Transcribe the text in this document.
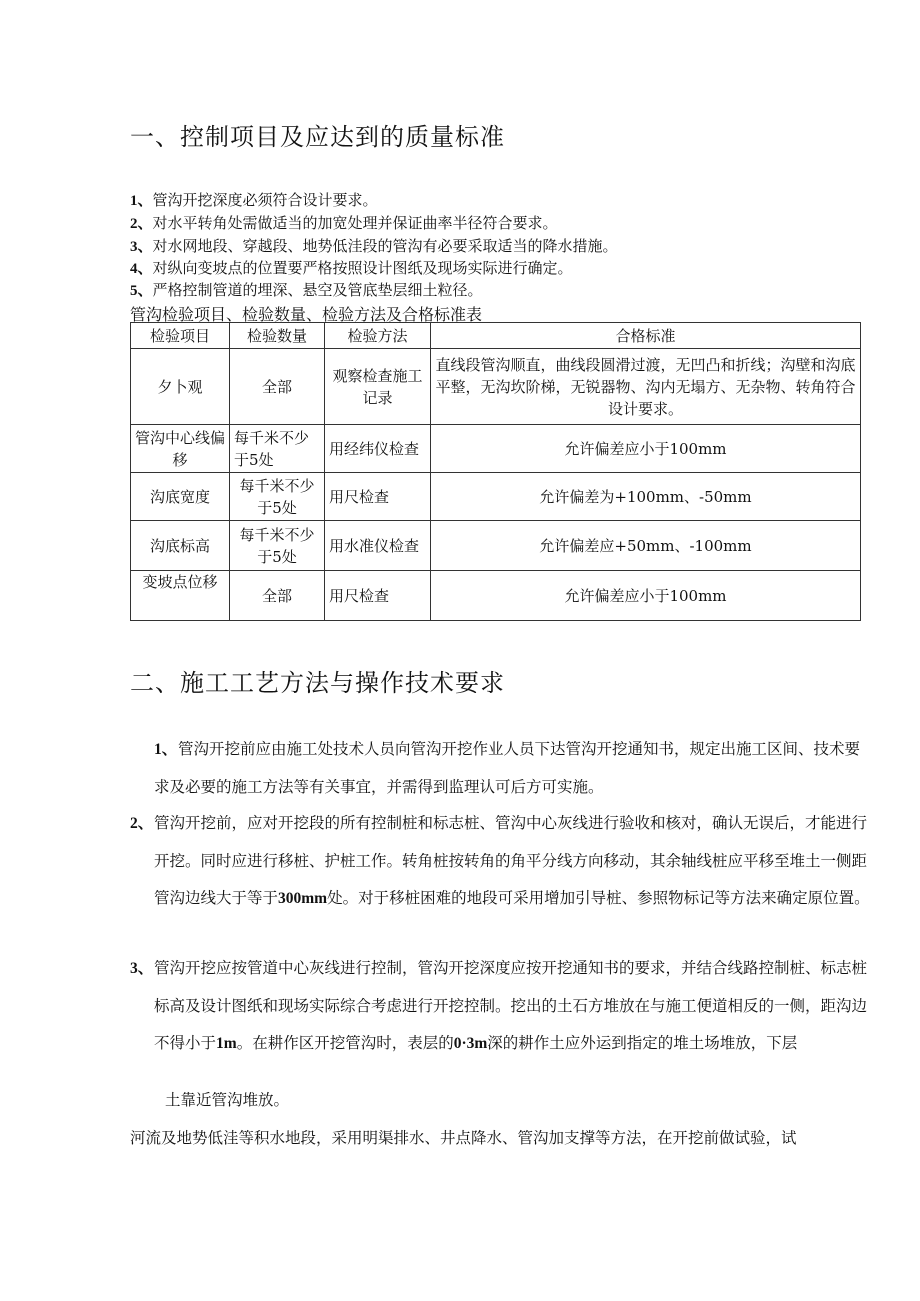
一、控制项目及应达到的质量标准
1、管沟开挖深度必须符合设计要求。
2、对水平转角处需做适当的加宽处理并保证曲率半径符合要求。
3、对水网地段、穿越段、地势低洼段的管沟有必要采取适当的降水措施。
4、对纵向变坡点的位置要严格按照设计图纸及现场实际进行确定。
5、严格控制管道的埋深、悬空及管底垫层细土粒径。
管沟检验项目、检验数量、检验方法及合格标准表
检验项目	检验数量	检验方法	合格标准
夕卜观	全部	观察检查施工记录	直线段管沟顺直，曲线段圆滑过渡，无凹凸和折线；沟壁和沟底平整，无沟坎阶梯，无锐器物、沟内无塌方、无杂物、转角符合设计要求。
管沟中心线偏移	每千米不少于5处	用经纬仪检查	允许偏差应小于100mm
沟底宽度	每千米不少于5处	用尺检查	允许偏差为+100mm、-50mm
沟底标高	每千米不少于5处	用水准仪检查	允许偏差应+50mm、-100mm
变坡点位移	全部	用尺检查	允许偏差应小于100mm
二、施工工艺方法与操作技术要求
1、管沟开挖前应由施工处技术人员向管沟开挖作业人员下达管沟开挖通知书，规定出施工区间、技术要求及必要的施工方法等有关事宜，并需得到监理认可后方可实施。
2、管沟开挖前，应对开挖段的所有控制桩和标志桩、管沟中心灰线进行验收和核对，确认无误后，才能进行开挖。同时应进行移桩、护桩工作。转角桩按转角的角平分线方向移动，其余轴线桩应平移至堆土一侧距管沟边线大于等于300mm处。对于移桩困难的地段可采用增加引导桩、参照物标记等方法来确定原位置。
3、管沟开挖应按管道中心灰线进行控制，管沟开挖深度应按开挖通知书的要求，并结合线路控制桩、标志桩标高及设计图纸和现场实际综合考虑进行开挖控制。挖出的土石方堆放在与施工便道相反的一侧，距沟边不得小于1m。在耕作区开挖管沟时，表层的0·3m深的耕作土应外运到指定的堆土场堆放，下层
土靠近管沟堆放。
河流及地势低洼等积水地段，采用明渠排水、井点降水、管沟加支撑等方法，在开挖前做试验，试
